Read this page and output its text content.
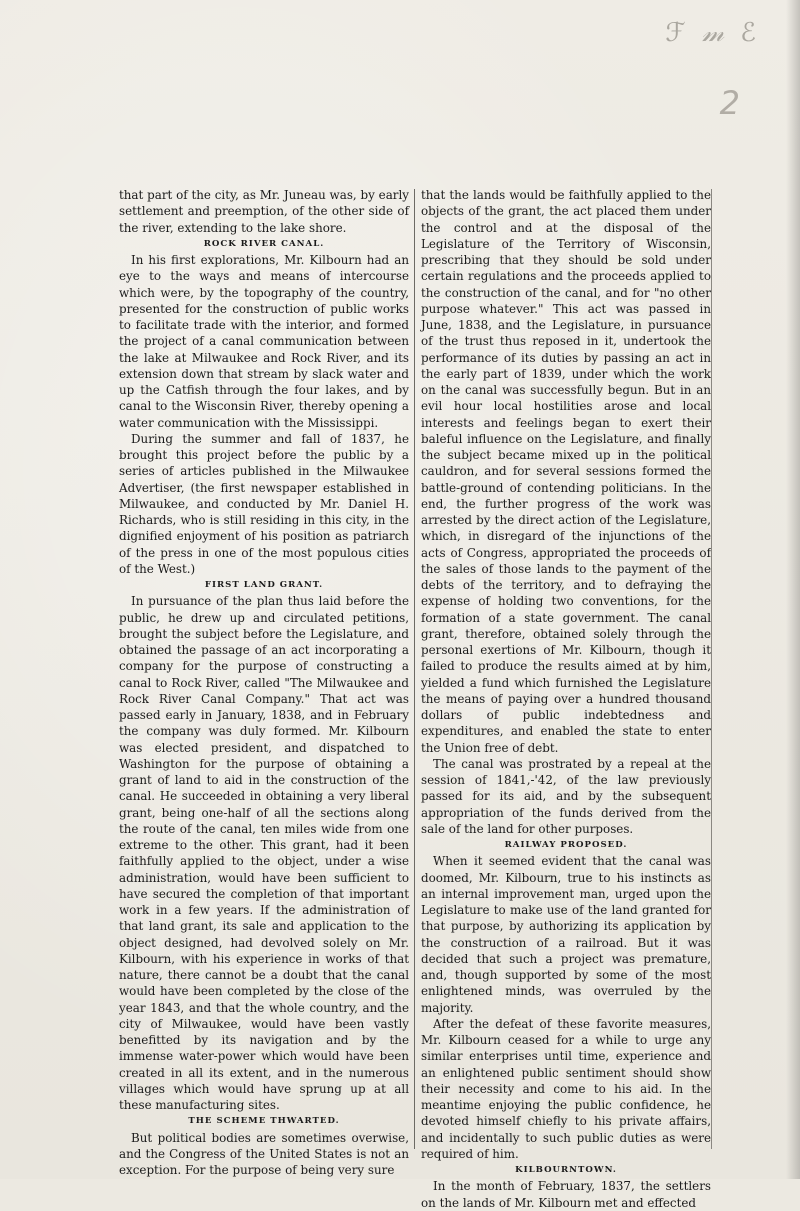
ℱ 𝓂 ℰ
2

that part of the city, as Mr. Juneau was, by early settlement and preemption, of the other side of the river, extending to the lake shore.

ROCK RIVER CANAL.

In his first explorations, Mr. Kilbourn had an eye to the ways and means of intercourse which were, by the topography of the country, presented for the construction of public works to facilitate trade with the interior, and formed the project of a canal communication between the lake at Milwaukee and Rock River, and its extension down that stream by slack water and up the Catfish through the four lakes, and by canal to the Wisconsin River, thereby opening a water communication with the Mississippi.

During the summer and fall of 1837, he brought this project before the public by a series of articles published in the Milwaukee Advertiser, (the first newspaper established in Milwaukee, and conducted by Mr. Daniel H. Richards, who is still residing in this city, in the dignified enjoyment of his position as patriarch of the press in one of the most populous cities of the West.)

FIRST LAND GRANT.

In pursuance of the plan thus laid before the public, he drew up and circulated petitions, brought the subject before the Legislature, and obtained the passage of an act incorporating a company for the purpose of constructing a canal to Rock River, called "The Milwaukee and Rock River Canal Company." That act was passed early in January, 1838, and in February the company was duly formed. Mr. Kilbourn was elected president, and dispatched to Washington for the purpose of obtaining a grant of land to aid in the construction of the canal. He succeeded in obtaining a very liberal grant, being one-half of all the sections along the route of the canal, ten miles wide from one extreme to the other. This grant, had it been faithfully applied to the object, under a wise administration, would have been sufficient to have secured the completion of that important work in a few years. If the administration of that land grant, its sale and application to the object designed, had devolved solely on Mr. Kilbourn, with his experience in works of that nature, there cannot be a doubt that the canal would have been completed by the close of the year 1843, and that the whole country, and the city of Milwaukee, would have been vastly benefitted by its navigation and by the immense water-power which would have been created in all its extent, and in the numerous villages which would have sprung up at all these manufacturing sites.

THE SCHEME THWARTED.

But political bodies are sometimes overwise, and the Congress of the United States is not an exception. For the purpose of being very sure

that the lands would be faithfully applied to the objects of the grant, the act placed them under the control and at the disposal of the Legislature of the Territory of Wisconsin, prescribing that they should be sold under certain regulations and the proceeds applied to the construction of the canal, and for "no other purpose whatever." This act was passed in June, 1838, and the Legislature, in pursuance of the trust thus reposed in it, undertook the performance of its duties by passing an act in the early part of 1839, under which the work on the canal was successfully begun. But in an evil hour local hostilities arose and local interests and feelings began to exert their baleful influence on the Legislature, and finally the subject became mixed up in the political cauldron, and for several sessions formed the battle-ground of contending politicians. In the end, the further progress of the work was arrested by the direct action of the Legislature, which, in disregard of the injunctions of the acts of Congress, appropriated the proceeds of the sales of those lands to the payment of the debts of the territory, and to defraying the expense of holding two conventions, for the formation of a state government. The canal grant, therefore, obtained solely through the personal exertions of Mr. Kilbourn, though it failed to produce the results aimed at by him, yielded a fund which furnished the Legislature the means of paying over a hundred thousand dollars of public indebtedness and expenditures, and enabled the state to enter the Union free of debt.

The canal was prostrated by a repeal at the session of 1841,-'42, of the law previously passed for its aid, and by the subsequent appropriation of the funds derived from the sale of the land for other purposes.

RAILWAY PROPOSED.

When it seemed evident that the canal was doomed, Mr. Kilbourn, true to his instincts as an internal improvement man, urged upon the Legislature to make use of the land granted for that purpose, by authorizing its application by the construction of a railroad. But it was decided that such a project was premature, and, though supported by some of the most enlightened minds, was overruled by the majority.

After the defeat of these favorite measures, Mr. Kilbourn ceased for a while to urge any similar enterprises until time, experience and an enlightened public sentiment should show their necessity and come to his aid. In the meantime enjoying the public confidence, he devoted himself chiefly to his private affairs, and incidentally to such public duties as were required of him.

KILBOURNTOWN.

In the month of February, 1837, the settlers on the lands of Mr. Kilbourn met and effected
